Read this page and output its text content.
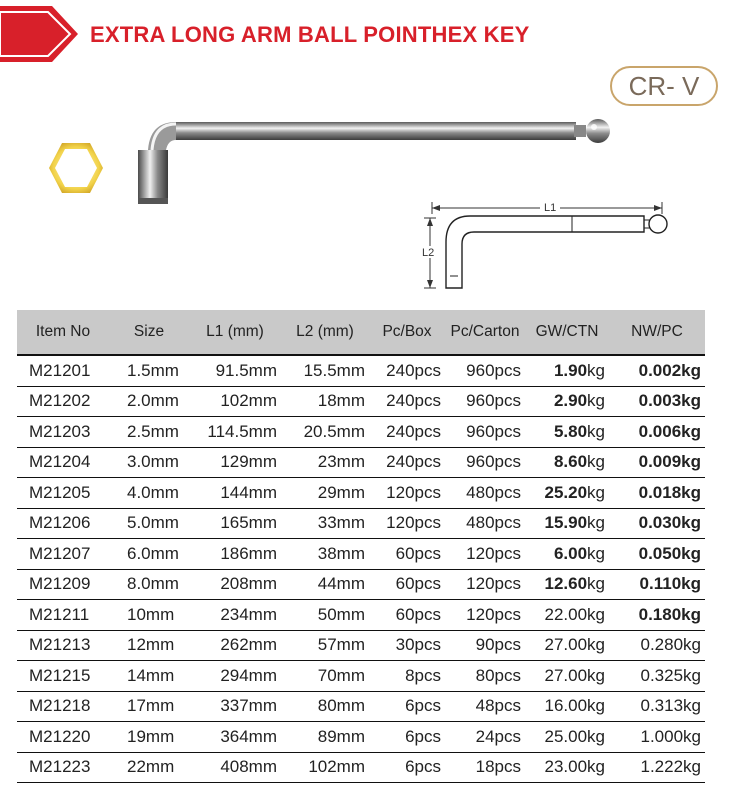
EXTRA LONG ARM BALL POINTHEX KEY
CR- V
L1
L2
Item No	Size	L1 (mm)	L2 (mm)	Pc/Box	Pc/Carton	GW/CTN	NW/PC
M21201	1.5mm	91.5mm	15.5mm	240pcs	960pcs	1.90kg	0.002kg
M21202	2.0mm	102mm	18mm	240pcs	960pcs	2.90kg	0.003kg
M21203	2.5mm	114.5mm	20.5mm	240pcs	960pcs	5.80kg	0.006kg
M21204	3.0mm	129mm	23mm	240pcs	960pcs	8.60kg	0.009kg
M21205	4.0mm	144mm	29mm	120pcs	480pcs	25.20kg	0.018kg
M21206	5.0mm	165mm	33mm	120pcs	480pcs	15.90kg	0.030kg
M21207	6.0mm	186mm	38mm	60pcs	120pcs	6.00kg	0.050kg
M21209	8.0mm	208mm	44mm	60pcs	120pcs	12.60kg	0.110kg
M21211	10mm	234mm	50mm	60pcs	120pcs	22.00kg	0.180kg
M21213	12mm	262mm	57mm	30pcs	90pcs	27.00kg	0.280kg
M21215	14mm	294mm	70mm	8pcs	80pcs	27.00kg	0.325kg
M21218	17mm	337mm	80mm	6pcs	48pcs	16.00kg	0.313kg
M21220	19mm	364mm	89mm	6pcs	24pcs	25.00kg	1.000kg
M21223	22mm	408mm	102mm	6pcs	18pcs	23.00kg	1.222kg
